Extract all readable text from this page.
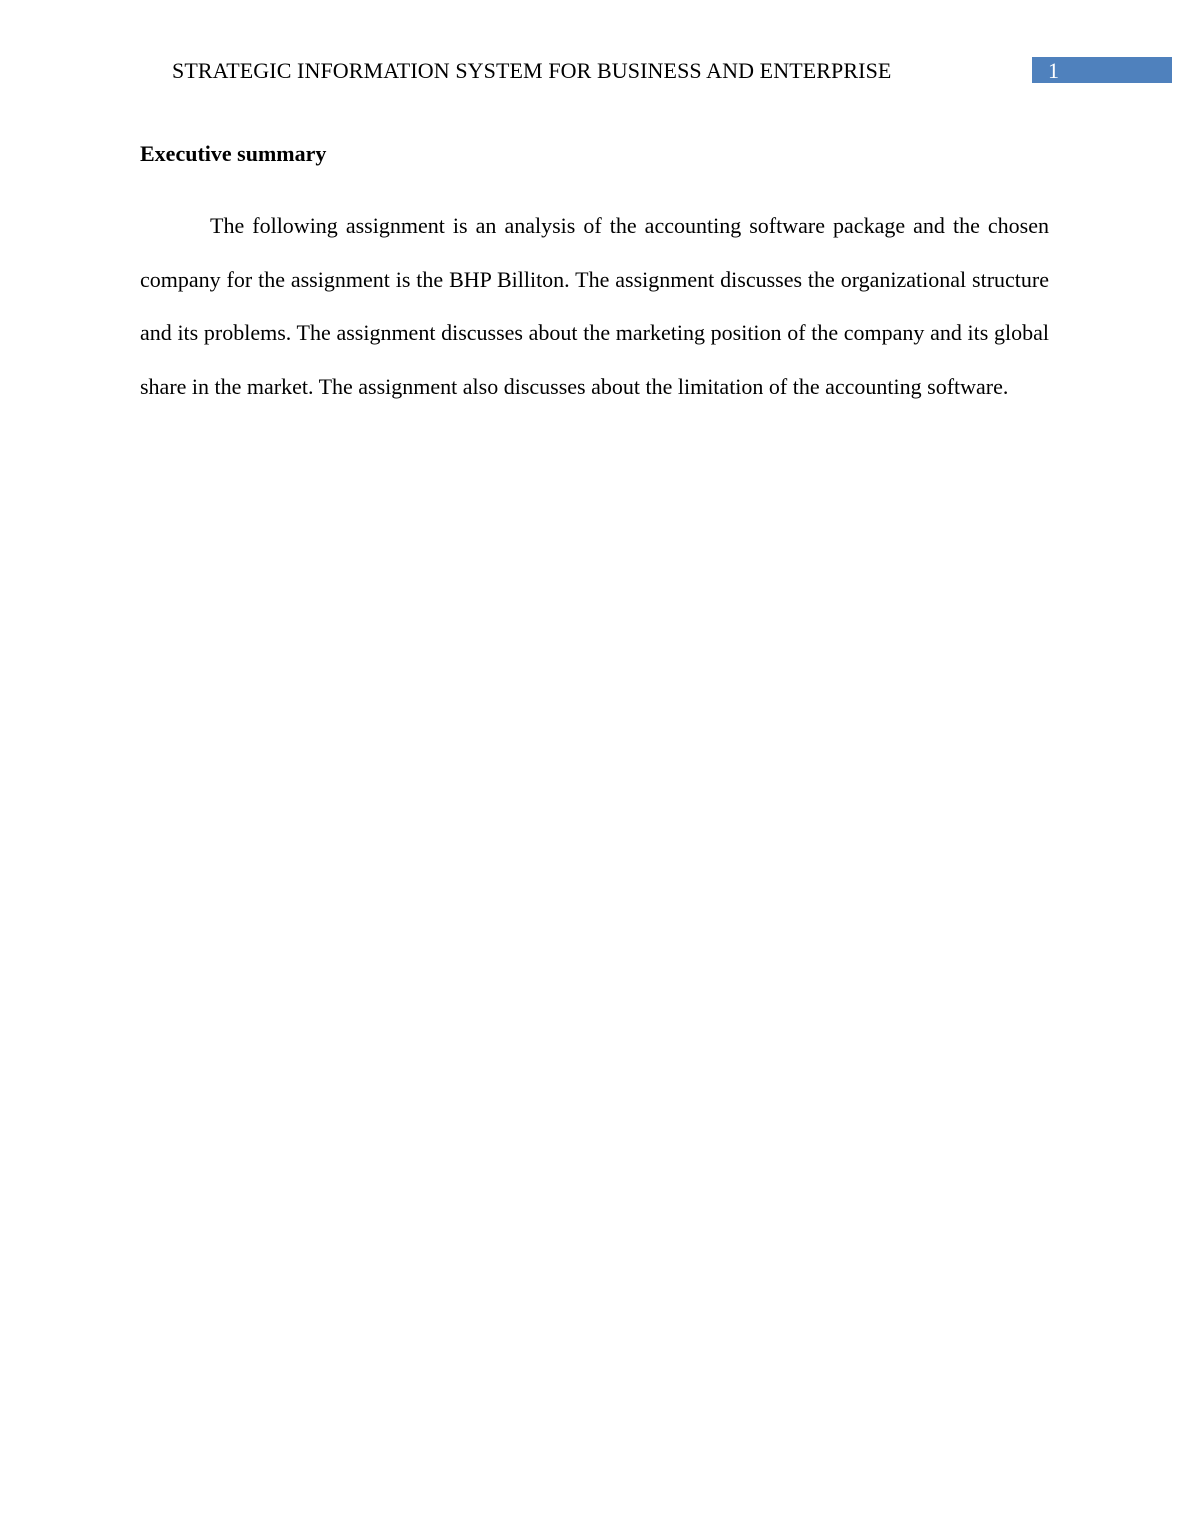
STRATEGIC INFORMATION SYSTEM FOR BUSINESS AND ENTERPRISE	1
Executive summary

The following assignment is an analysis of the accounting software package and the chosen company for the assignment is the BHP Billiton. The assignment discusses the organizational structure and its problems. The assignment discusses about the marketing position of the company and its global share in the market. The assignment also discusses about the limitation of the accounting software.
